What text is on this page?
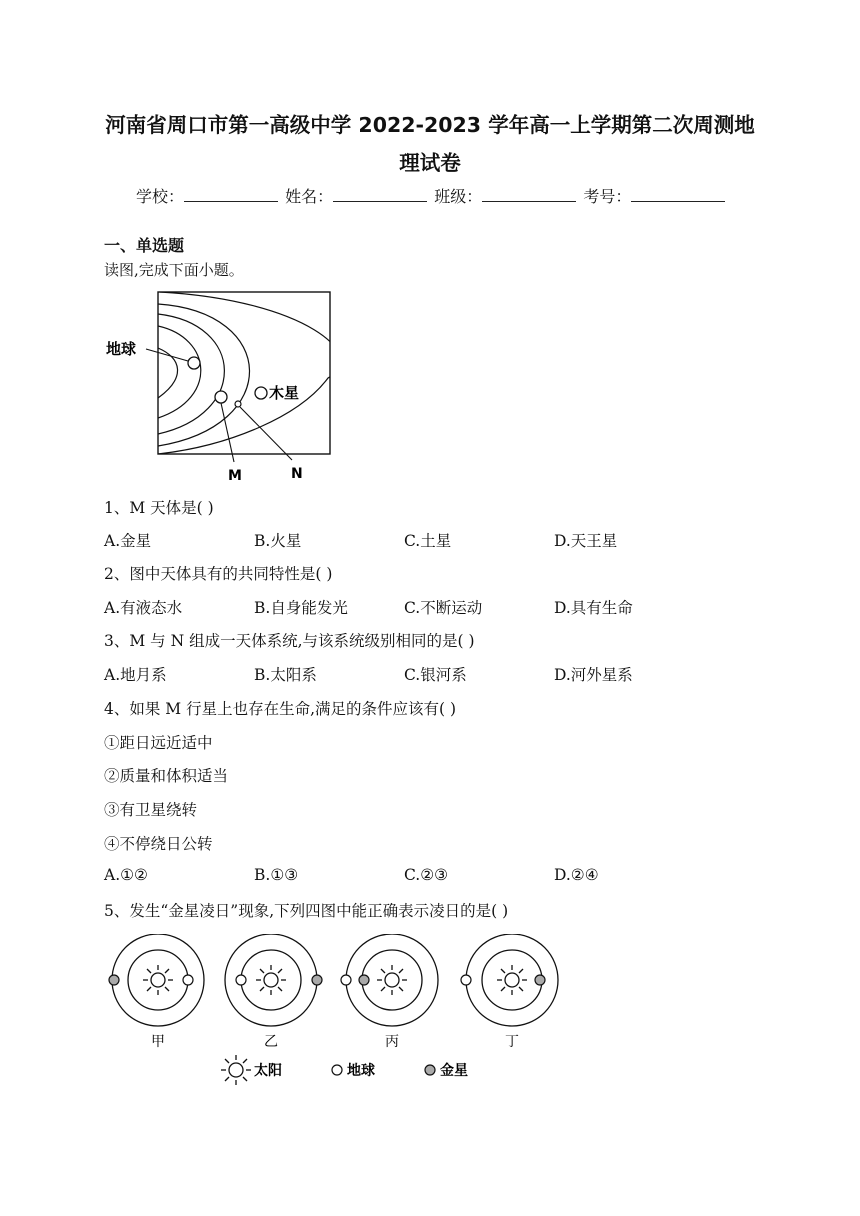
河南省周口市第一高级中学 2022-2023 学年高一上学期第二次周测地
理试卷
学校：	姓名：	班级：	考号：
一、单选题
读图,完成下面小题。
地球
木星
M	N
1、M 天体是( )
A.金星	B.火星	C.土星	D.天王星
2、图中天体具有的共同特性是( )
A.有液态水	B.自身能发光	C.不断运动	D.具有生命
3、M 与 N 组成一天体系统,与该系统级别相同的是( )
A.地月系	B.太阳系	C.银河系	D.河外星系
4、如果 M 行星上也存在生命,满足的条件应该有( )
①距日远近适中
②质量和体积适当
③有卫星绕转
④不停绕日公转
A.①②	B.①③	C.②③	D.②④
5、发生“金星凌日”现象,下列四图中能正确表示凌日的是( )
甲	乙	丙	丁
太阳	地球	金星
